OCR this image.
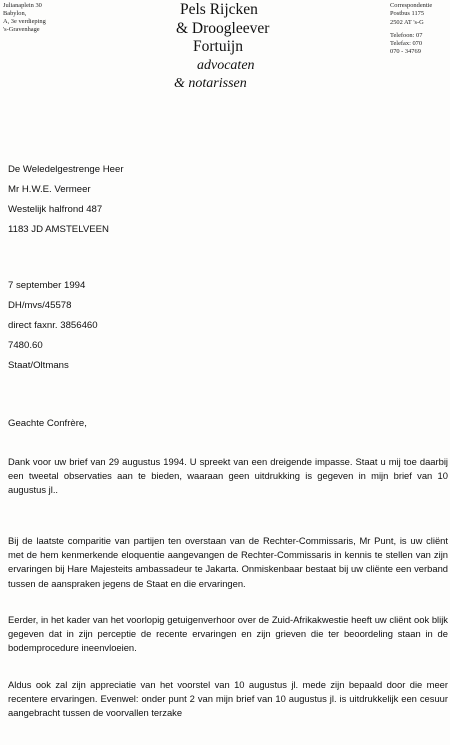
Julianaplein 30
Babylon,
A, 3e verdieping
's-Gravenhage
Pels Rijcken
& Droogleever
Fortuijn
advocaten
& notarissen
Correspondentie
Postbus 1175
2502 AT 's-G
Telefoon: 07
Telefax: 070
070 - 34769
De Weledelgestrenge Heer
Mr H.W.E. Vermeer
Westelijk halfrond 487
1183 JD AMSTELVEEN
7 september 1994
DH/mvs/45578
direct faxnr. 3856460
7480.60
Staat/Oltmans
Geachte Confrère,

Dank voor uw brief van 29 augustus 1994. U spreekt van een dreigende impasse. Staat u mij toe daarbij een tweetal observaties aan te bieden, waaraan geen uitdrukking is gegeven in mijn brief van 10 augustus jl..

Bij de laatste comparitie van partijen ten overstaan van de Rechter-Commissaris, Mr Punt, is uw cliënt met de hem kenmerkende eloquentie aangevangen de Rechter-Commissaris in kennis te stellen van zijn ervaringen bij Hare Majesteits ambassadeur te Jakarta. Onmiskenbaar bestaat bij uw cliënte een verband tussen de aanspraken jegens de Staat en die ervaringen.

Eerder, in het kader van het voorlopig getuigenverhoor over de Zuid-Afrikakwestie heeft uw cliënt ook blijk gegeven dat in zijn perceptie de recente ervaringen en zijn grieven die ter beoordeling staan in de bodemprocedure ineenvloeien.

Aldus ook zal zijn appreciatie van het voorstel van 10 augustus jl. mede zijn bepaald door die meer recentere ervaringen. Evenwel: onder punt 2 van mijn brief van 10 augustus jl. is uitdrukkelijk een cesuur aangebracht tussen de voorvallen terzake
